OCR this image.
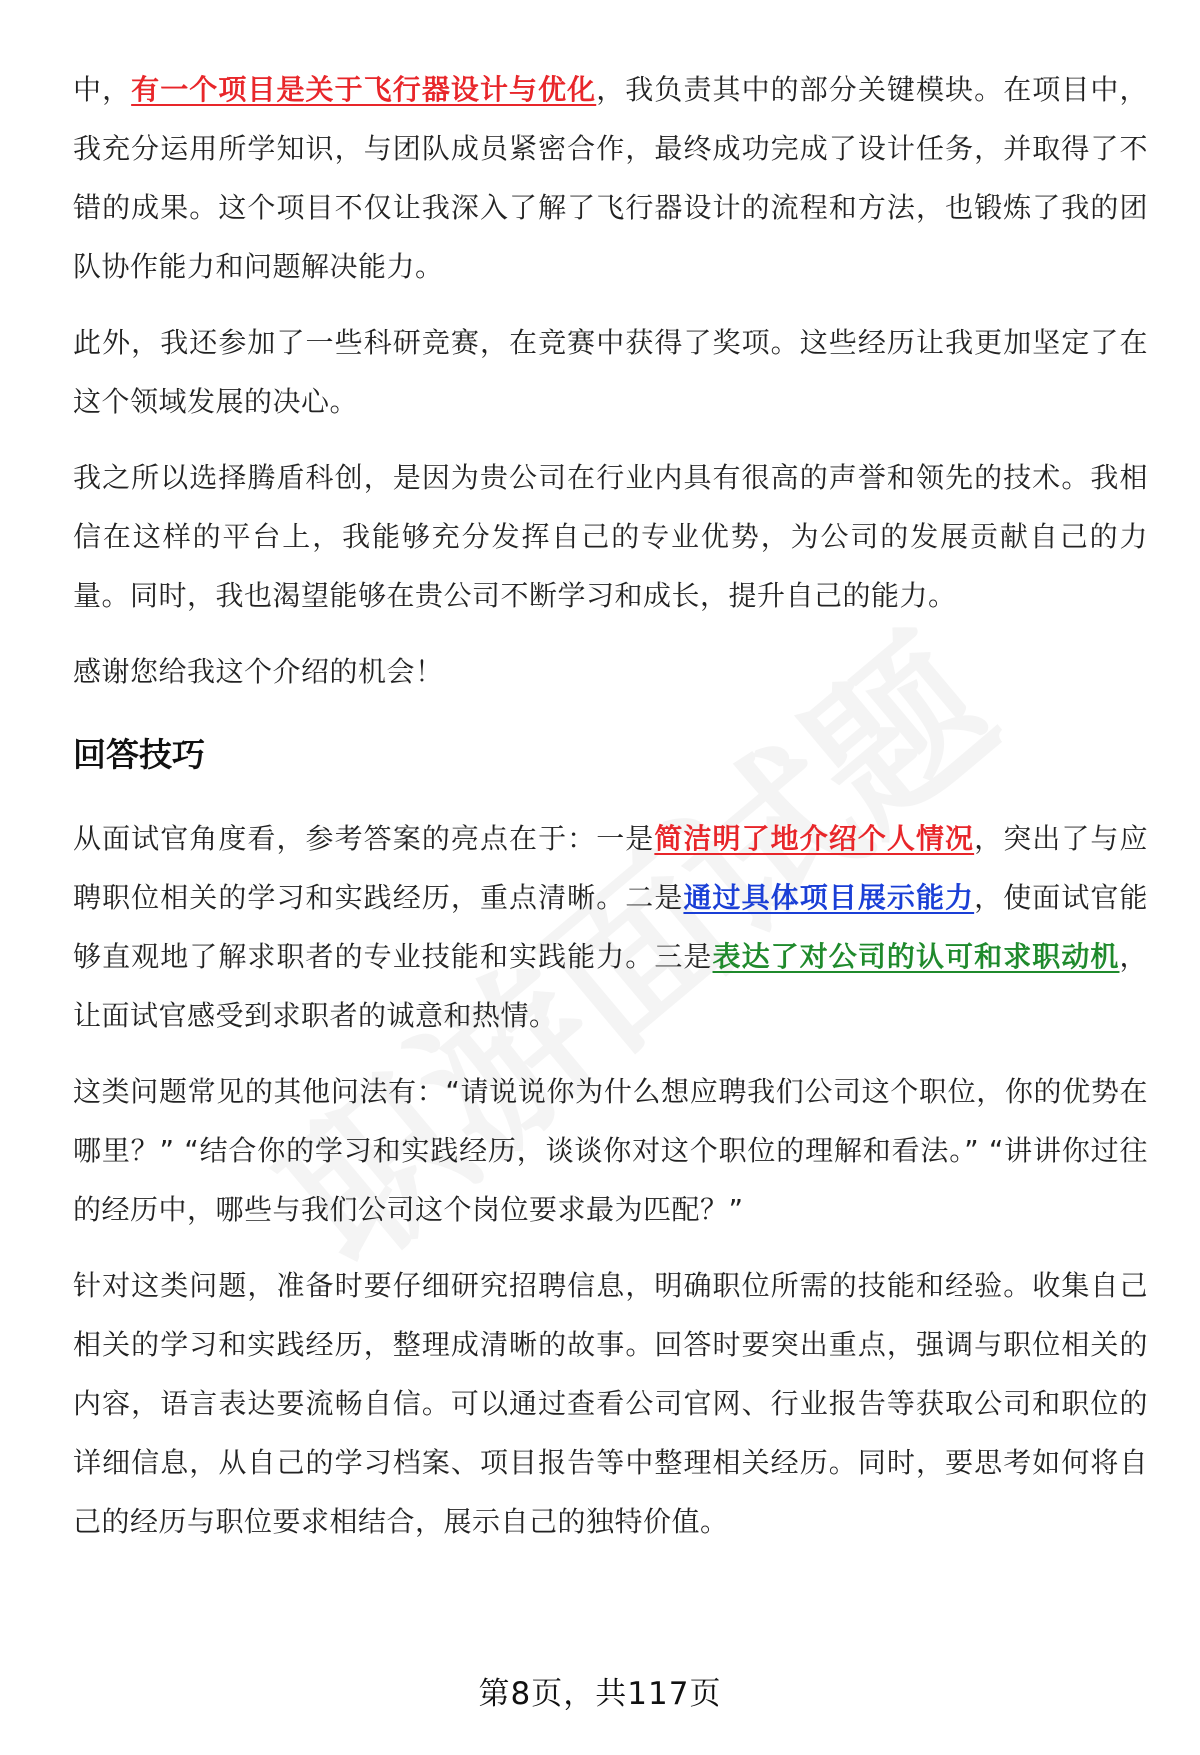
中，有一个项目是关于飞行器设计与优化，我负责其中的部分关键模块。在项目中，我充分运用所学知识，与团队成员紧密合作，最终成功完成了设计任务，并取得了不错的成果。这个项目不仅让我深入了解了飞行器设计的流程和方法，也锻炼了我的团队协作能力和问题解决能力。

此外，我还参加了一些科研竞赛，在竞赛中获得了奖项。这些经历让我更加坚定了在这个领域发展的决心。

我之所以选择腾盾科创，是因为贵公司在行业内具有很高的声誉和领先的技术。我相信在这样的平台上，我能够充分发挥自己的专业优势，为公司的发展贡献自己的力量。同时，我也渴望能够在贵公司不断学习和成长，提升自己的能力。

感谢您给我这个介绍的机会！

回答技巧

从面试官角度看，参考答案的亮点在于：一是简洁明了地介绍个人情况，突出了与应聘职位相关的学习和实践经历，重点清晰。二是通过具体项目展示能力，使面试官能够直观地了解求职者的专业技能和实践能力。三是表达了对公司的认可和求职动机，让面试官感受到求职者的诚意和热情。

这类问题常见的其他问法有：“请说说你为什么想应聘我们公司这个职位，你的优势在哪里？” “结合你的学习和实践经历，谈谈你对这个职位的理解和看法。” “讲讲你过往的经历中，哪些与我们公司这个岗位要求最为匹配？”

针对这类问题，准备时要仔细研究招聘信息，明确职位所需的技能和经验。收集自己相关的学习和实践经历，整理成清晰的故事。回答时要突出重点，强调与职位相关的内容，语言表达要流畅自信。可以通过查看公司官网、行业报告等获取公司和职位的详细信息，从自己的学习档案、项目报告等中整理相关经历。同时，要思考如何将自己的经历与职位要求相结合，展示自己的独特价值。

第8页，共117页
